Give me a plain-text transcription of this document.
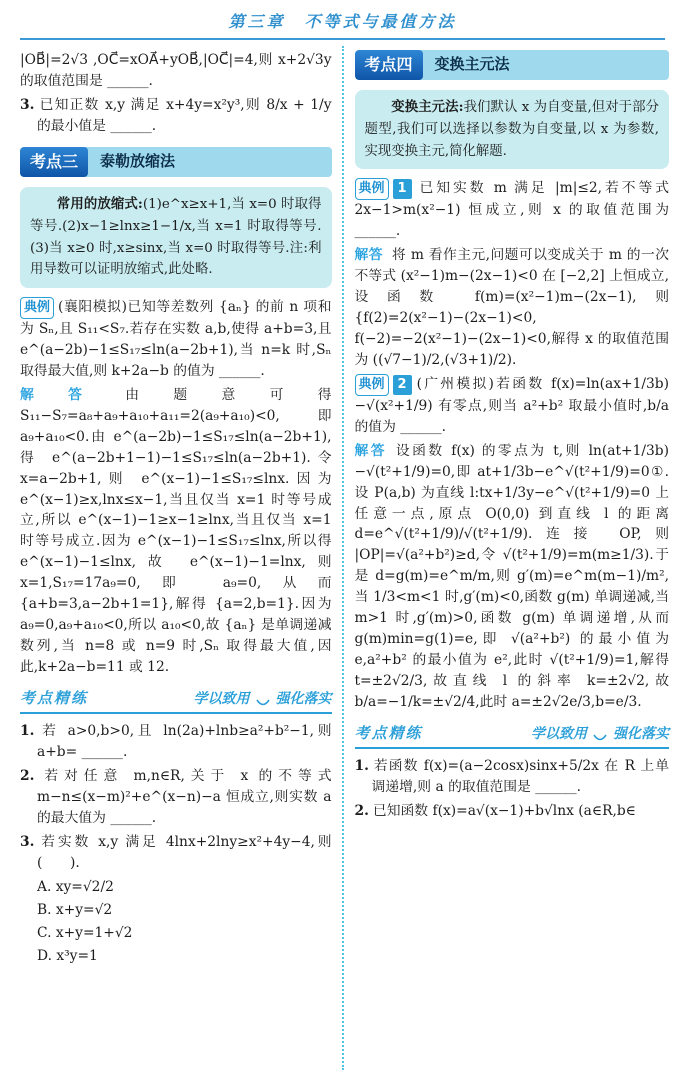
第三章　不等式与最值方法

|OB⃗|=2√3 ,OC⃗=xOA⃗+yOB⃗,|OC⃗|=4,则 x+2√3y 的取值范围是 ______.

3. 已知正数 x,y 满足 x+4y=x²y³,则 8/x + 1/y 的最小值是 ______.

考点三	泰勒放缩法
常用的放缩式:(1)e^x≥x+1,当 x=0 时取得等号.(2)x−1≥lnx≥1−1/x,当 x=1 时取得等号.(3)当 x≥0 时,x≥sinx,当 x=0 时取得等号.注:利用导数可以证明放缩式,此处略.

典例 (襄阳模拟)已知等差数列 {aₙ} 的前 n 项和为 Sₙ,且 S₁₁<S₇.若存在实数 a,b,使得 a+b=3,且 e^(a−2b)−1≤S₁₇≤ln(a−2b+1),当 n=k 时,Sₙ 取得最大值,则 k+2a−b 的值为 ______.

解答 由题意可得 S₁₁−S₇=a₈+a₉+a₁₀+a₁₁=2(a₉+a₁₀)<0,即 a₉+a₁₀<0.由 e^(a−2b)−1≤S₁₇≤ln(a−2b+1),得 e^(a−2b+1−1)−1≤S₁₇≤ln(a−2b+1).令 x=a−2b+1,则 e^(x−1)−1≤S₁₇≤lnx.因为 e^(x−1)≥x,lnx≤x−1,当且仅当 x=1 时等号成立,所以 e^(x−1)−1≥x−1≥lnx,当且仅当 x=1 时等号成立.因为 e^(x−1)−1≤S₁₇≤lnx,所以得 e^(x−1)−1≤lnx,故 e^(x−1)−1=lnx,则 x=1,S₁₇=17a₉=0,即 a₉=0,从而 {a+b=3,a−2b+1=1},解得 {a=2,b=1}.因为 a₉=0,a₉+a₁₀<0,所以 a₁₀<0,故 {aₙ} 是单调递减数列,当 n=8 或 n=9 时,Sₙ 取得最大值,因此,k+2a−b=11 或 12.

考点精练	学以致用 强化落实

1. 若 a>0,b>0,且 ln(2a)+lnb≥a²+b²−1,则 a+b= ______.

2. 若对任意 m,n∈R,关于 x 的不等式 m−n≤(x−m)²+e^(x−n)−a 恒成立,则实数 a 的最大值为 ______.

3. 若实数 x,y 满足 4lnx+2lny≥x²+4y−4,则(　　).

A. xy=√2/2

B. x+y=√2

C. x+y=1+√2

D. x³y=1

考点四	变换主元法
变换主元法:我们默认 x 为自变量,但对于部分题型,我们可以选择以参数为自变量,以 x 为参数,实现变换主元,简化解题.

典例 1 已知实数 m 满足 |m|≤2,若不等式 2x−1>m(x²−1) 恒成立,则 x 的取值范围为 ______.

解答 将 m 看作主元,问题可以变成关于 m 的一次不等式 (x²−1)m−(2x−1)<0 在 [−2,2] 上恒成立,设函数 f(m)=(x²−1)m−(2x−1),则 {f(2)=2(x²−1)−(2x−1)<0, f(−2)=−2(x²−1)−(2x−1)<0,解得 x 的取值范围为 ((√7−1)/2,(√3+1)/2).

典例 2 (广州模拟)若函数 f(x)=ln(ax+1/3b)−√(x²+1/9) 有零点,则当 a²+b² 取最小值时,b/a 的值为 ______.

解答 设函数 f(x) 的零点为 t,则 ln(at+1/3b)−√(t²+1/9)=0,即 at+1/3b−e^√(t²+1/9)=0①.设 P(a,b) 为直线 l:tx+1/3y−e^√(t²+1/9)=0 上任意一点,原点 O(0,0) 到直线 l 的距离 d=e^√(t²+1/9)/√(t²+1/9).连接 OP,则 |OP|=√(a²+b²)≥d,令 √(t²+1/9)=m(m≥1/3).于是 d=g(m)=e^m/m,则 g′(m)=e^m(m−1)/m²,当 1/3<m<1 时,g′(m)<0,函数 g(m) 单调递减,当 m>1 时,g′(m)>0,函数 g(m) 单调递增,从而 g(m)min=g(1)=e,即 √(a²+b²) 的最小值为 e,a²+b² 的最小值为 e²,此时 √(t²+1/9)=1,解得 t=±2√2/3,故直线 l 的斜率 k=±2√2,故 b/a=−1/k=±√2/4,此时 a=±2√2e/3,b=e/3.

考点精练	学以致用 强化落实

1. 若函数 f(x)=(a−2cosx)sinx+5/2x 在 R 上单调递增,则 a 的取值范围是 ______.

2. 已知函数 f(x)=a√(x−1)+b√lnx (a∈R,b∈
